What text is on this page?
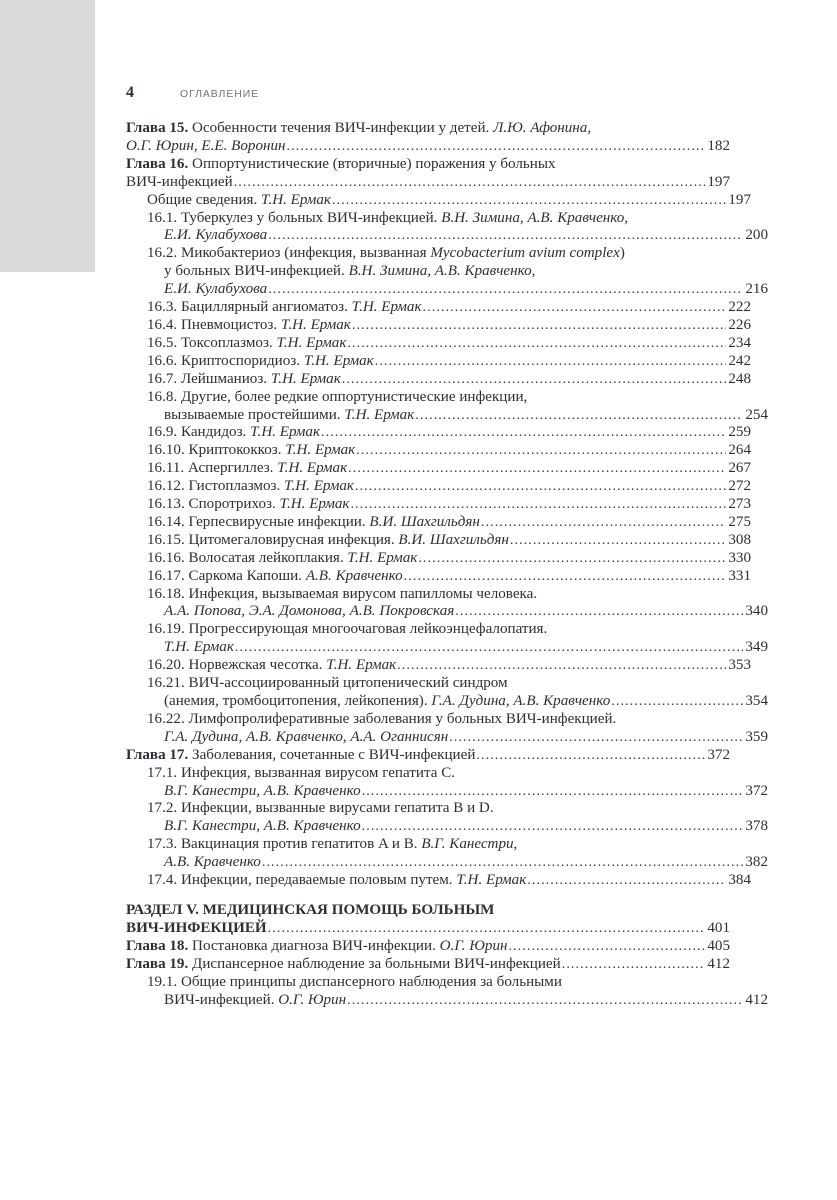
4	ОГЛАВЛЕНИЕ
Глава 15. Особенности течения ВИЧ-инфекции у детей. Л.Ю. Афонина,
О.Г. Юрин, Е.Е. Воронин .....	182
Глава 16. Оппортунистические (вторичные) поражения у больных
ВИЧ-инфекцией .....	197
Общие сведения. Т.Н. Ермак .....	197
16.1. Туберкулез у больных ВИЧ-инфекцией. В.Н. Зимина, А.В. Кравченко,
Е.И. Кулабухова .....	200
16.2. Микобактериоз (инфекция, вызванная Mycobacterium avium complex)
у больных ВИЧ-инфекцией. В.Н. Зимина, А.В. Кравченко,
Е.И. Кулабухова .....	216
16.3. Бациллярный ангиоматоз. Т.Н. Ермак .....	222
16.4. Пневмоцистоз. Т.Н. Ермак .....	226
16.5. Токсоплазмоз. Т.Н. Ермак .....	234
16.6. Криптоспоридиоз. Т.Н. Ермак .....	242
16.7. Лейшманиоз. Т.Н. Ермак .....	248
16.8. Другие, более редкие оппортунистические инфекции,
вызываемые простейшими. Т.Н. Ермак .....	254
16.9. Кандидоз. Т.Н. Ермак .....	259
16.10. Криптококкоз. Т.Н. Ермак .....	264
16.11. Аспергиллез. Т.Н. Ермак .....	267
16.12. Гистоплазмоз. Т.Н. Ермак .....	272
16.13. Споротрихоз. Т.Н. Ермак .....	273
16.14. Герпесвирусные инфекции. В.И. Шахгильдян .....	275
16.15. Цитомегаловирусная инфекция. В.И. Шахгильдян .....	308
16.16. Волосатая лейкоплакия. Т.Н. Ермак .....	330
16.17. Саркома Капоши. А.В. Кравченко .....	331
16.18. Инфекция, вызываемая вирусом папилломы человека.
А.А. Попова, Э.А. Домонова, А.В. Покровская .....	340
16.19. Прогрессирующая многоочаговая лейкоэнцефалопатия.
Т.Н. Ермак .....	349
16.20. Норвежская чесотка. Т.Н. Ермак .....	353
16.21. ВИЧ-ассоциированный цитопенический синдром
(анемия, тромбоцитопения, лейкопения). Г.А. Дудина, А.В. Кравченко .....	354
16.22. Лимфопролиферативные заболевания у больных ВИЧ-инфекцией.
Г.А. Дудина, А.В. Кравченко, А.А. Оганнисян .....	359
Глава 17. Заболевания, сочетанные с ВИЧ-инфекцией .....	372
17.1. Инфекция, вызванная вирусом гепатита С.
В.Г. Канестри, А.В. Кравченко .....	372
17.2. Инфекции, вызванные вирусами гепатита B и D.
В.Г. Канестри, А.В. Кравченко .....	378
17.3. Вакцинация против гепатитов A и B. В.Г. Канестри,
А.В. Кравченко .....	382
17.4. Инфекции, передаваемые половым путем. Т.Н. Ермак .....	384
РАЗДЕЛ V. МЕДИЦИНСКАЯ ПОМОЩЬ БОЛЬНЫМ
ВИЧ-ИНФЕКЦИЕЙ .....	401
Глава 18. Постановка диагноза ВИЧ-инфекции. О.Г. Юрин .....	405
Глава 19. Диспансерное наблюдение за больными ВИЧ-инфекцией .....	412
19.1. Общие принципы диспансерного наблюдения за больными
ВИЧ-инфекцией. О.Г. Юрин .....	412
